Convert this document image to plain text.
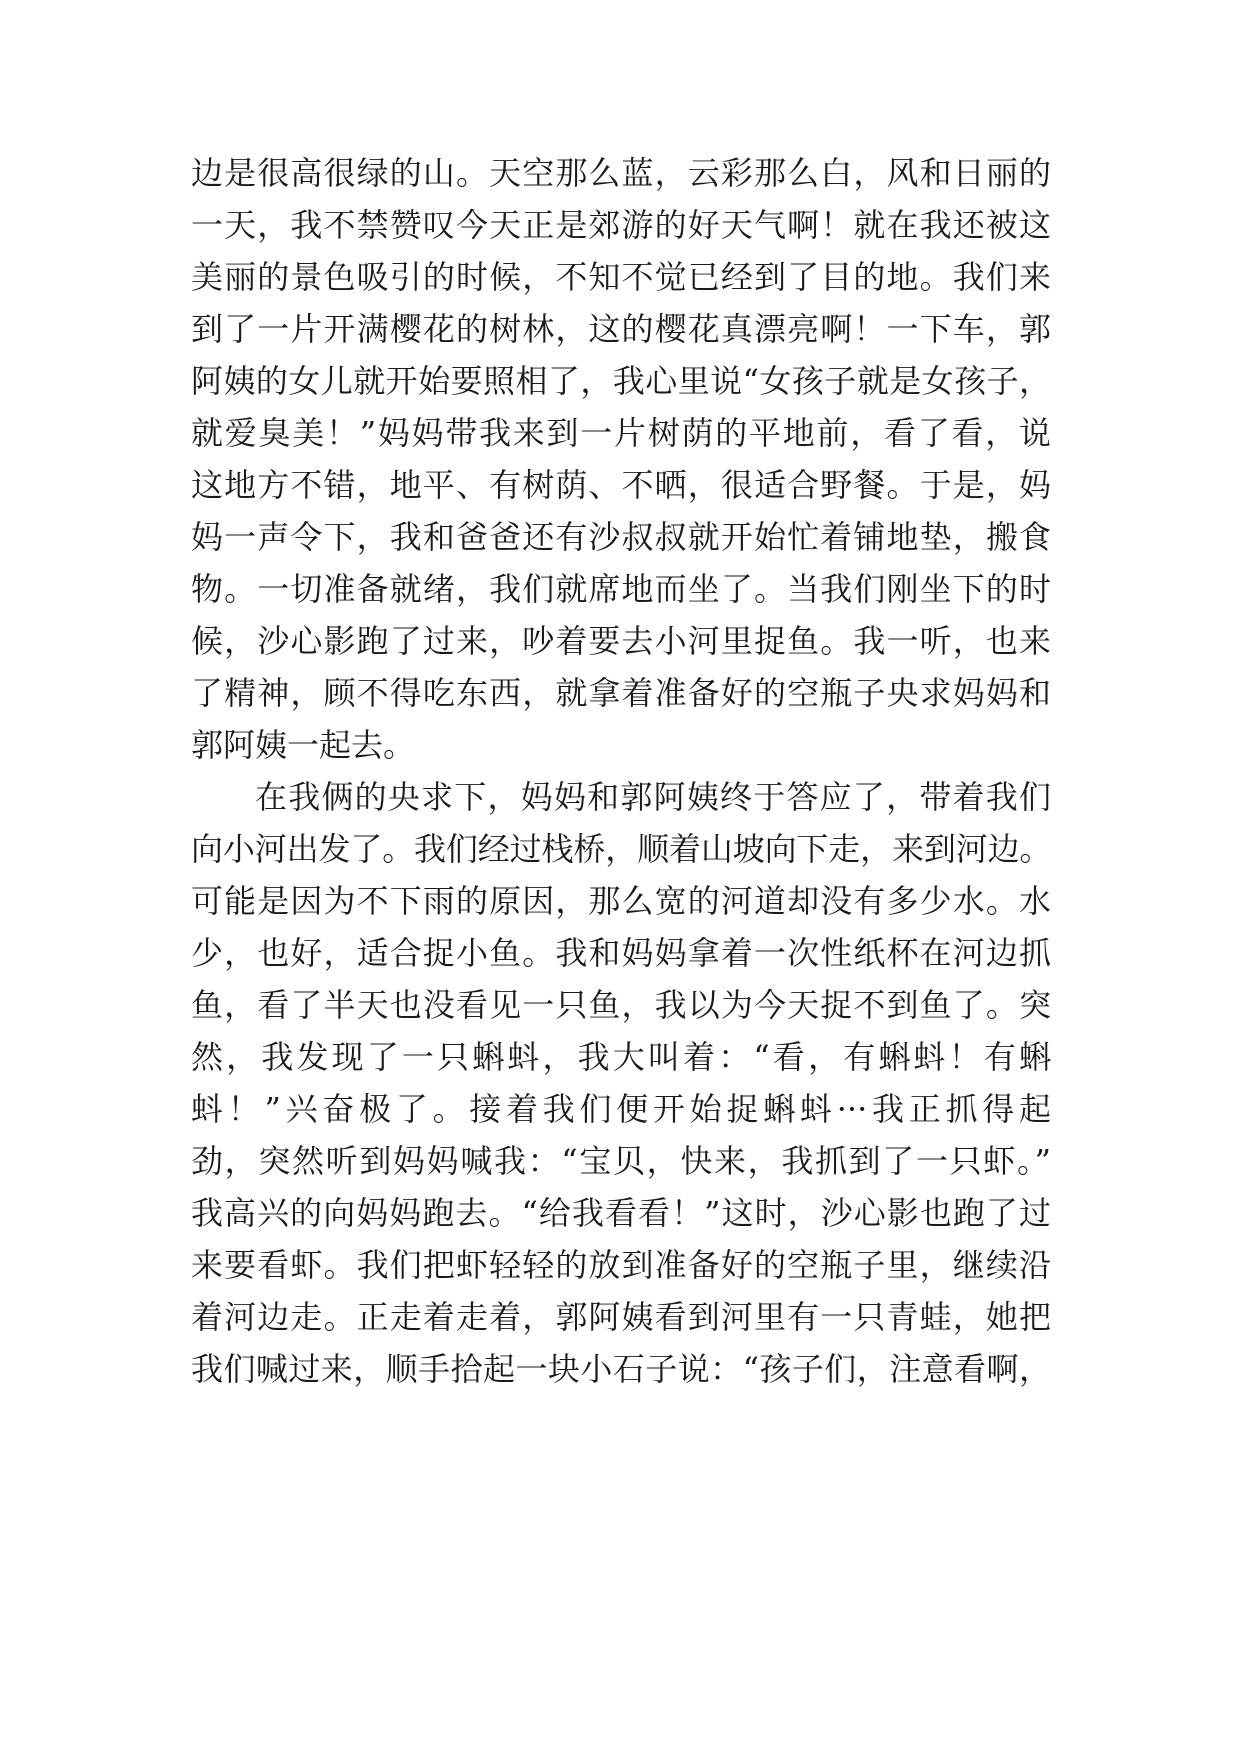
边是很高很绿的山。天空那么蓝，云彩那么白，风和日丽的
一天，我不禁赞叹今天正是郊游的好天气啊！就在我还被这
美丽的景色吸引的时候，不知不觉已经到了目的地。我们来
到了一片开满樱花的树林，这的樱花真漂亮啊！一下车，郭
阿姨的女儿就开始要照相了，我心里说“女孩子就是女孩子，
就爱臭美！”妈妈带我来到一片树荫的平地前，看了看，说
这地方不错，地平、有树荫、不晒，很适合野餐。于是，妈
妈一声令下，我和爸爸还有沙叔叔就开始忙着铺地垫，搬食
物。一切准备就绪，我们就席地而坐了。当我们刚坐下的时
候，沙心影跑了过来，吵着要去小河里捉鱼。我一听，也来
了精神，顾不得吃东西，就拿着准备好的空瓶子央求妈妈和
郭阿姨一起去。
在我俩的央求下，妈妈和郭阿姨终于答应了，带着我们
向小河出发了。我们经过栈桥，顺着山坡向下走，来到河边。
可能是因为不下雨的原因，那么宽的河道却没有多少水。水
少，也好，适合捉小鱼。我和妈妈拿着一次性纸杯在河边抓
鱼，看了半天也没看见一只鱼，我以为今天捉不到鱼了。突
然，我发现了一只蝌蚪，我大叫着：“看，有蝌蚪！有蝌
蚪！”兴奋极了。接着我们便开始捉蝌蚪···我正抓得起
劲，突然听到妈妈喊我：“宝贝，快来，我抓到了一只虾。”
我高兴的向妈妈跑去。“给我看看！”这时，沙心影也跑了过
来要看虾。我们把虾轻轻的放到准备好的空瓶子里，继续沿
着河边走。正走着走着，郭阿姨看到河里有一只青蛙，她把
我们喊过来，顺手拾起一块小石子说：“孩子们，注意看啊，
